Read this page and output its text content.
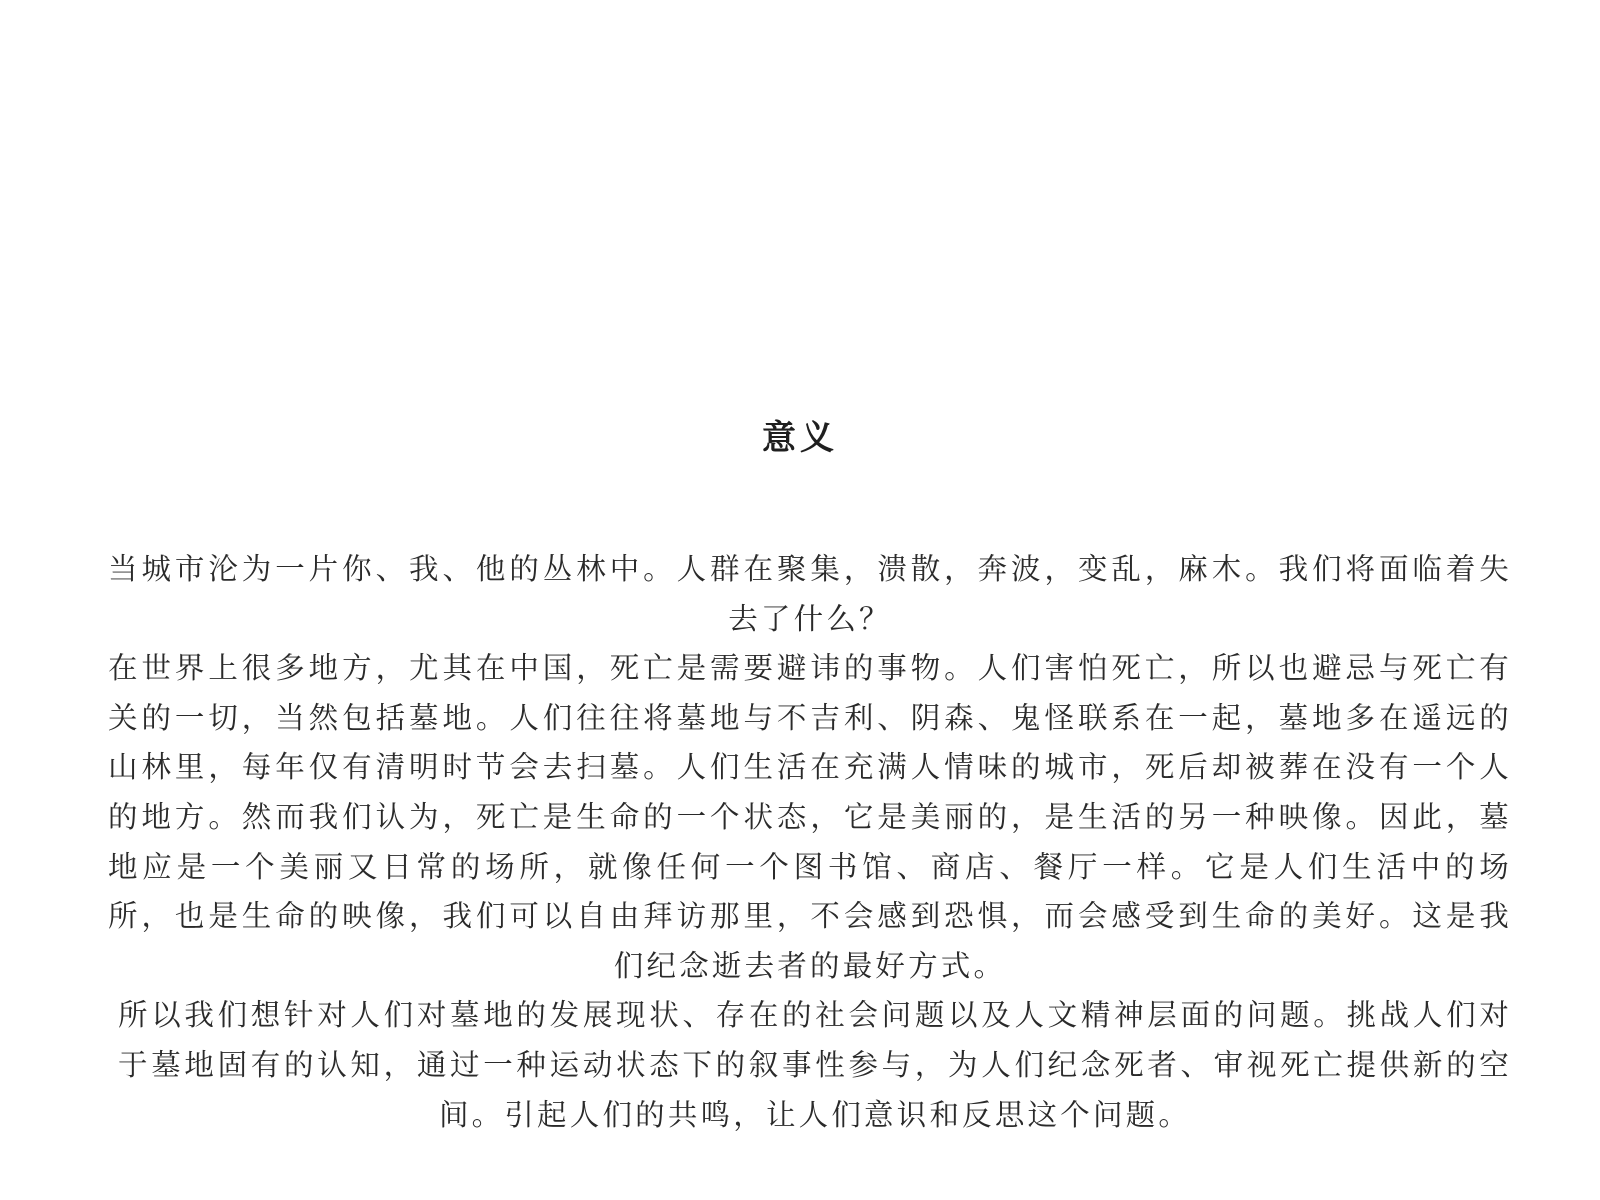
意义

当城市沦为一片你、我、他的丛林中。人群在聚集，溃散，奔波，变乱，麻木。我们将面临着失去了什么？

在世界上很多地方，尤其在中国，死亡是需要避讳的事物。人们害怕死亡，所以也避忌与死亡有关的一切，当然包括墓地。人们往往将墓地与不吉利、阴森、鬼怪联系在一起，墓地多在遥远的山林里，每年仅有清明时节会去扫墓。人们生活在充满人情味的城市，死后却被葬在没有一个人的地方。然而我们认为，死亡是生命的一个状态，它是美丽的，是生活的另一种映像。因此，墓地应是一个美丽又日常的场所，就像任何一个图书馆、商店、餐厅一样。它是人们生活中的场所，也是生命的映像，我们可以自由拜访那里，不会感到恐惧，而会感受到生命的美好。这是我们纪念逝去者的最好方式。

所以我们想针对人们对墓地的发展现状、存在的社会问题以及人文精神层面的问题。挑战人们对于墓地固有的认知，通过一种运动状态下的叙事性参与，为人们纪念死者、审视死亡提供新的空间。引起人们的共鸣，让人们意识和反思这个问题。
